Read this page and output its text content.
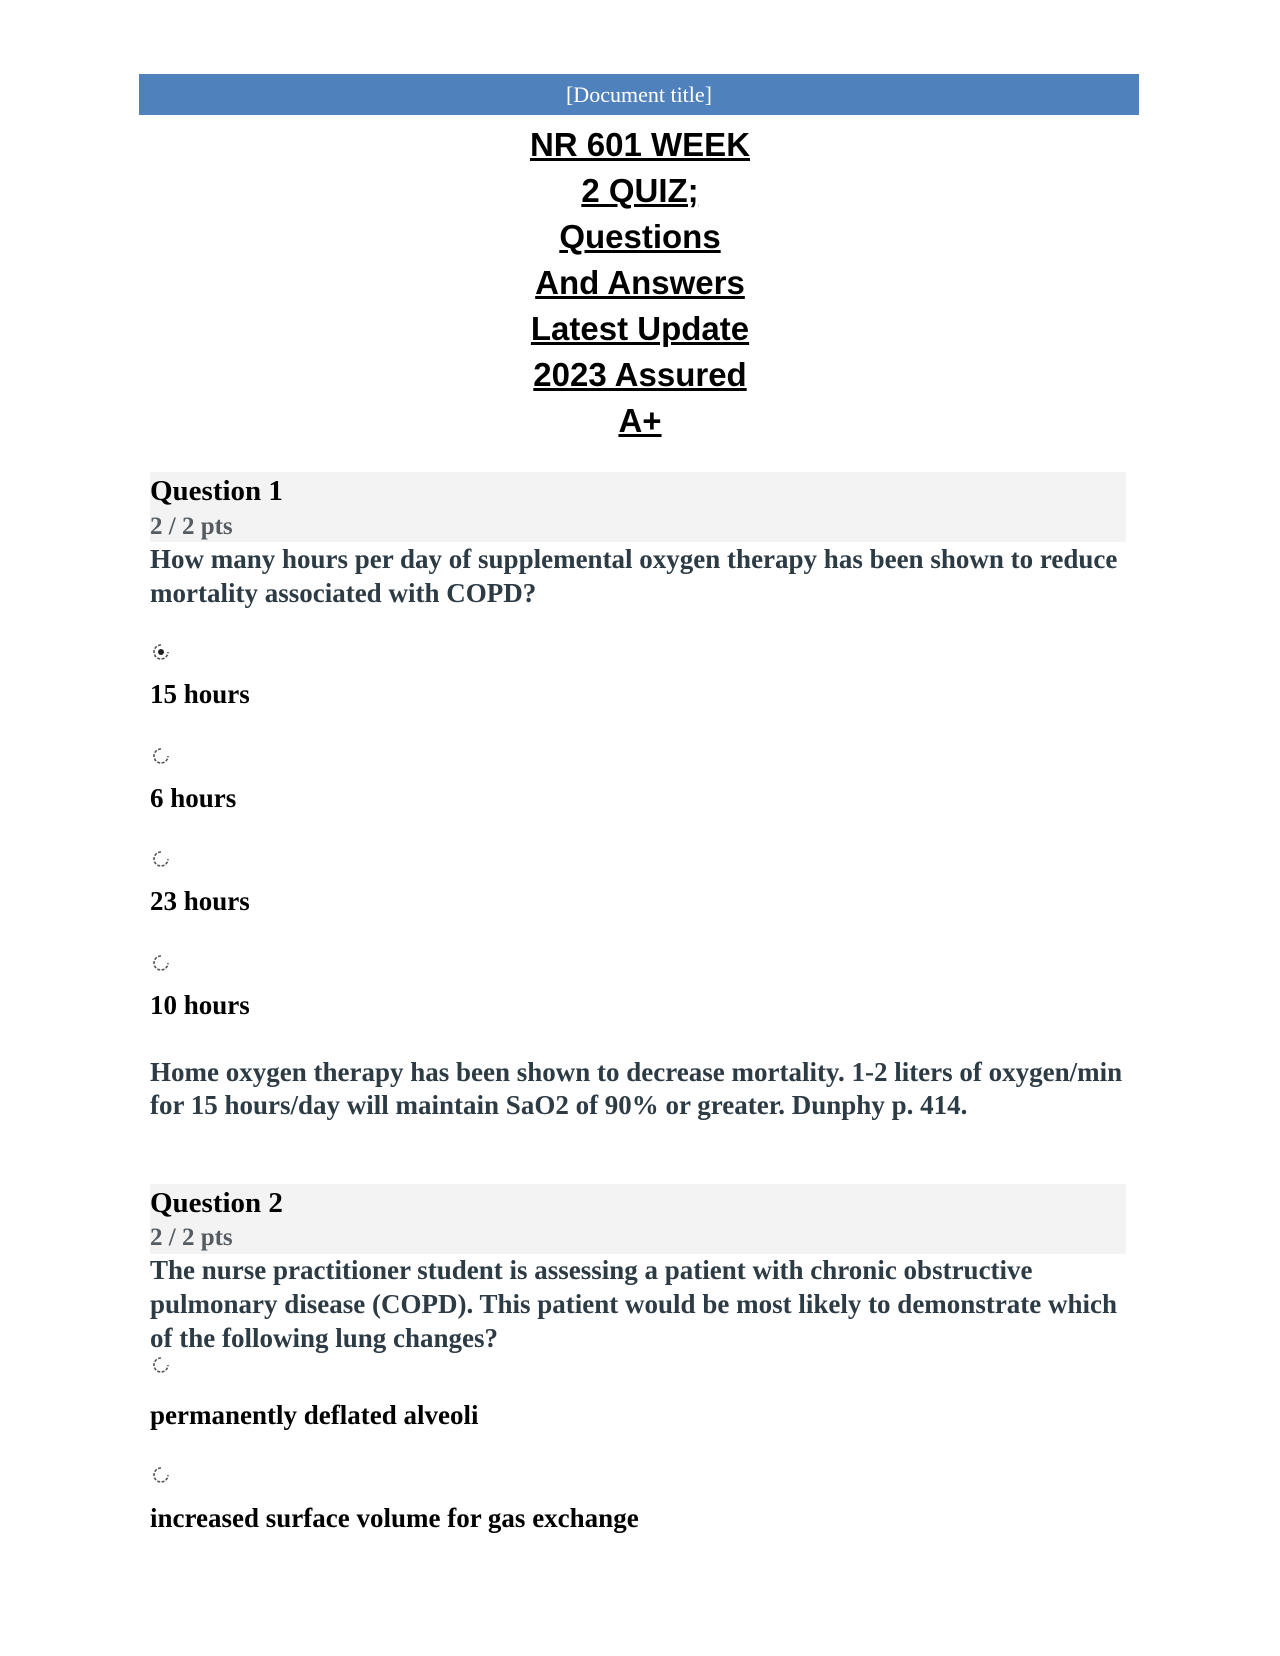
[Document title]
NR 601 WEEK
2 QUIZ;
Questions
And Answers
Latest Update
2023 Assured
A+
Question 1
2 / 2 pts
How many hours per day of supplemental oxygen therapy has been shown to reduce mortality associated with COPD?
15 hours
6 hours
23 hours
10 hours
Home oxygen therapy has been shown to decrease mortality. 1-2 liters of oxygen/min for 15 hours/day will maintain SaO2 of 90% or greater. Dunphy p. 414.
Question 2
2 / 2 pts
The nurse practitioner student is assessing a patient with chronic obstructive pulmonary disease (COPD). This patient would be most likely to demonstrate which of the following lung changes?
permanently deflated alveoli
increased surface volume for gas exchange
